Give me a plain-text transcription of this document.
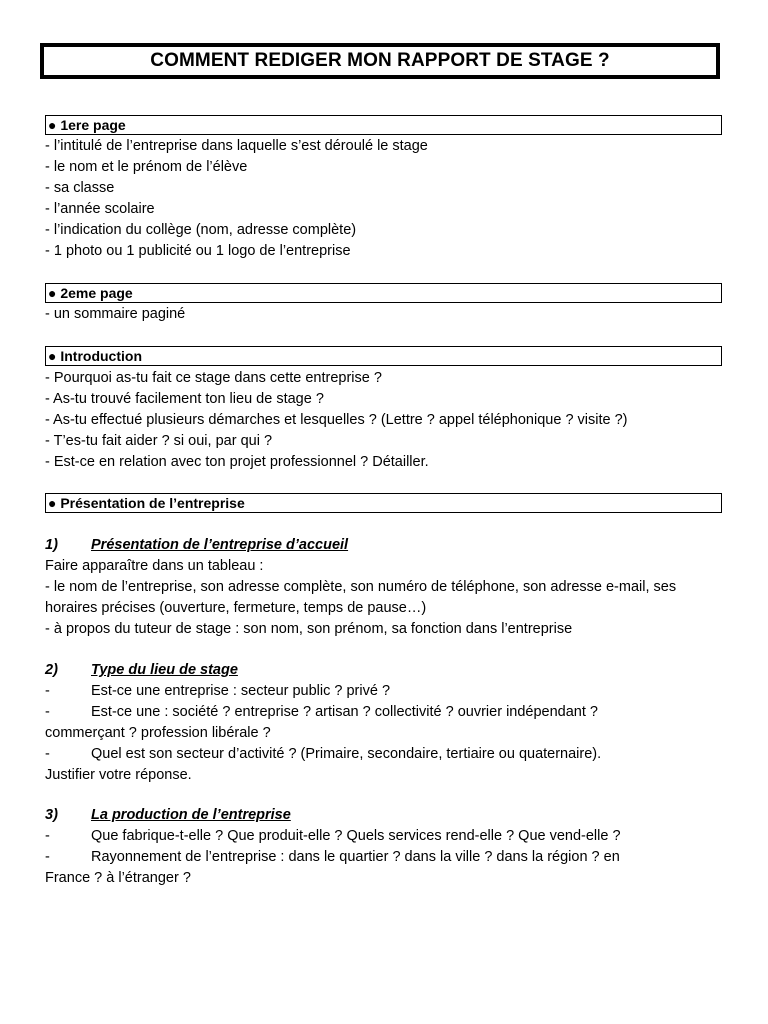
COMMENT REDIGER MON RAPPORT DE STAGE ?
● 1ere page
- l’intitulé de l’entreprise dans laquelle s’est déroulé le stage
- le nom et le prénom de l’élève
- sa classe
- l’année scolaire
- l’indication du collège (nom, adresse complète)
- 1 photo ou 1 publicité ou 1 logo de l’entreprise
● 2eme page
- un sommaire paginé
● Introduction
- Pourquoi as-tu fait ce stage dans cette entreprise ?
- As-tu trouvé facilement ton lieu de stage ?
- As-tu effectué plusieurs démarches et lesquelles ? (Lettre ? appel téléphonique ? visite ?)
- T’es-tu fait aider ? si oui, par qui ?
- Est-ce en relation avec ton projet professionnel ? Détailler.
● Présentation de l’entreprise
1) Présentation de l’entreprise d’accueil
Faire apparaître dans un tableau :
- le nom de l’entreprise, son adresse complète, son numéro de téléphone, son adresse e-mail, ses horaires précises (ouverture, fermeture, temps de pause…)
- à propos du tuteur de stage : son nom, son prénom, sa fonction dans l’entreprise
2) Type du lieu de stage
-	Est-ce une entreprise : secteur public ? privé ?
-	Est-ce une : société ? entreprise ? artisan ? collectivité ? ouvrier indépendant ?
commerçant ? profession libérale ?
-	Quel est son secteur d’activité ? (Primaire, secondaire, tertiaire ou quaternaire).
Justifier votre réponse.
3) La production de l’entreprise
-	Que fabrique-t-elle ? Que produit-elle ? Quels services rend-elle ? Que vend-elle ?
-	Rayonnement de l’entreprise : dans le quartier ? dans la ville ? dans la région ? en
France ? à l’étranger ?
